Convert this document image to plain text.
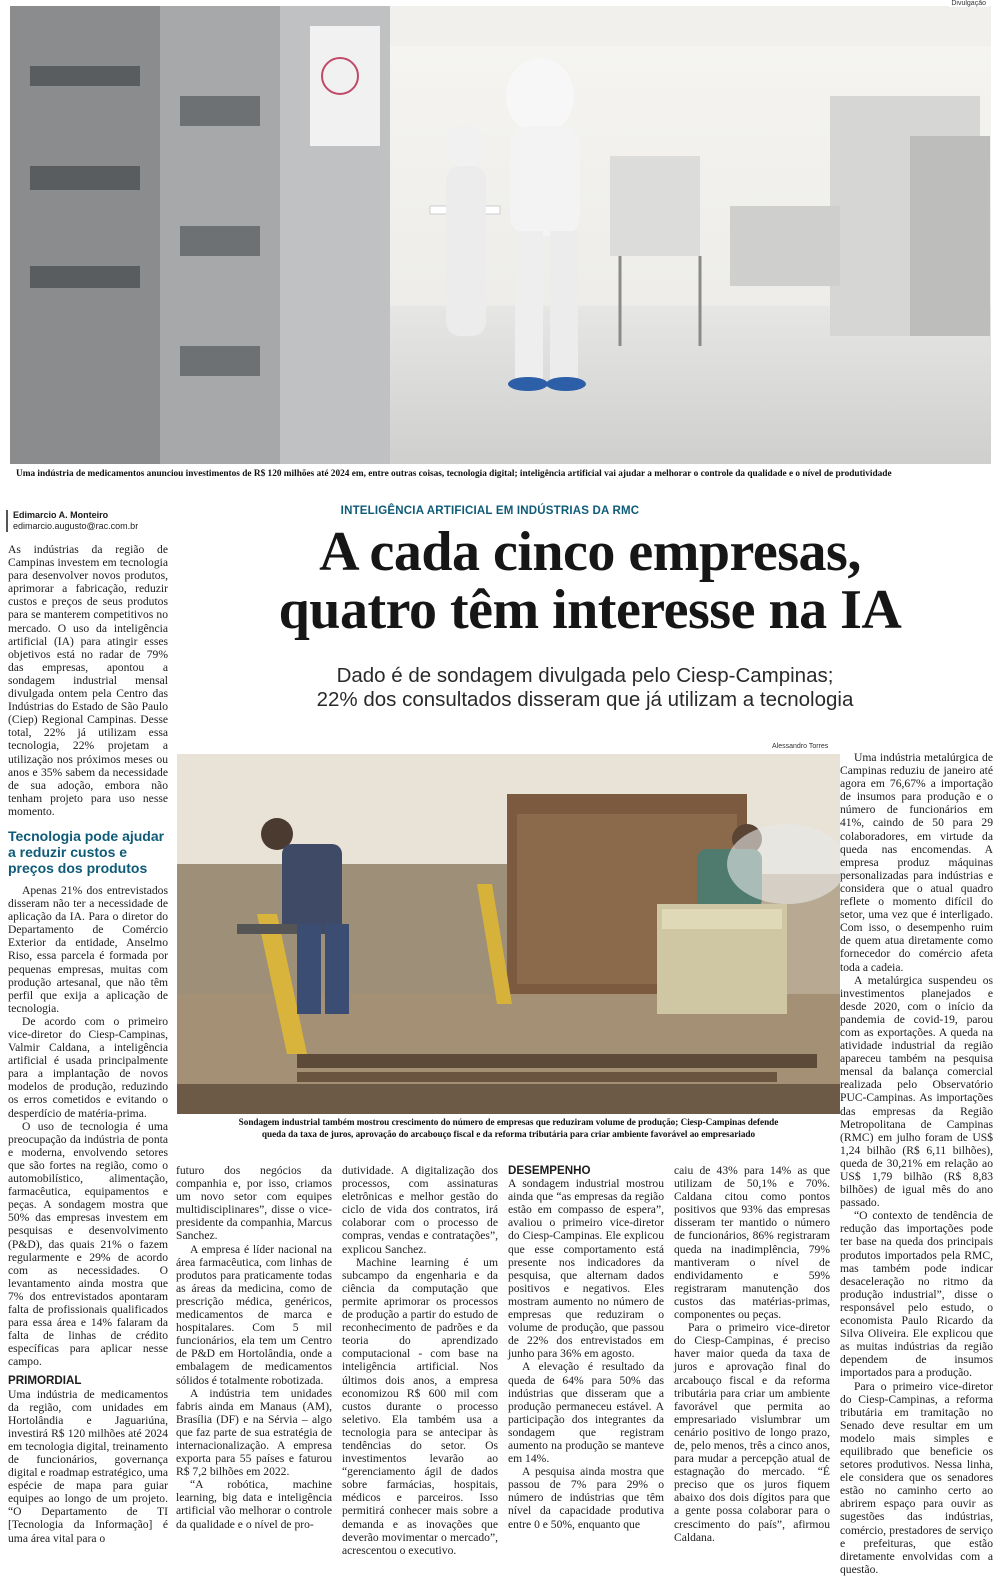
Divulgação
Uma indústria de medicamentos anunciou investimentos de R$ 120 milhões até 2024 em, entre outras coisas, tecnologia digital; inteligência artificial vai ajudar a melhorar o controle da qualidade e o nível de produtividade
Edimarcio A. Monteiro
edimarcio.augusto@rac.com.br
INTELIGÊNCIA ARTIFICIAL EM INDÚSTRIAS DA RMC
A cada cinco empresas,
quatro têm interesse na IA
Dado é de sondagem divulgada pelo Ciesp-Campinas;
22% dos consultados disseram que já utilizam a tecnologia
Alessandro Torres
Sondagem industrial também mostrou crescimento do número de empresas que reduziram volume de produção; Ciesp-Campinas defende
queda da taxa de juros, aprovação do arcabouço fiscal e da reforma tributária para criar ambiente favorável ao empresariado

As indústrias da região de Campinas investem em tecnologia para desenvolver novos produtos, aprimorar a fabricação, reduzir custos e preços de seus produtos para se manterem competitivos no mercado. O uso da inteligência artificial (IA) para atingir esses objetivos está no radar de 79% das empresas, apontou a sondagem industrial mensal divulgada ontem pela Centro das Indústrias do Estado de São Paulo (Ciep) Regional Campinas. Desse total, 22% já utilizam essa tecnologia, 22% projetam a utilização nos próximos meses ou anos e 35% sabem da necessidade de sua adoção, embora não tenham projeto para uso nesse momento.

Tecnologia pode ajudar a reduzir custos e preços dos produtos

Apenas 21% dos entrevistados disseram não ter a necessidade de aplicação da IA. Para o diretor do Departamento de Comércio Exterior da entidade, Anselmo Riso, essa parcela é formada por pequenas empresas, muitas com produção artesanal, que não têm perfil que exija a aplicação de tecnologia.

De acordo com o primeiro vice-diretor do Ciesp-Campinas, Valmir Caldana, a inteligência artificial é usada principalmente para a implantação de novos modelos de produção, reduzindo os erros cometidos e evitando o desperdício de matéria-prima.

O uso de tecnologia é uma preocupação da indústria de ponta e moderna, envolvendo setores que são fortes na região, como o automobilístico, alimentação, farmacêutica, equipamentos e peças. A sondagem mostra que 50% das empresas investem em pesquisas e desenvolvimento (P&D), das quais 21% o fazem regularmente e 29% de acordo com as necessidades. O levantamento ainda mostra que 7% dos entrevistados apontaram falta de profissionais qualificados para essa área e 14% falaram da falta de linhas de crédito específicas para aplicar nesse campo.

PRIMORDIAL

Uma indústria de medicamentos da região, com unidades em Hortolândia e Jaguariúna, investirá R$ 120 milhões até 2024 em tecnologia digital, treinamento de funcionários, governança digital e roadmap estratégico, uma espécie de mapa para guiar equipes ao longo de um projeto. “O Departamento de TI [Tecnologia da Informação] é uma área vital para o

futuro dos negócios da companhia e, por isso, criamos um novo setor com equipes multidisciplinares”, disse o vice-presidente da companhia, Marcus Sanchez.

A empresa é líder nacional na área farmacêutica, com linhas de produtos para praticamente todas as áreas da medicina, como de prescrição médica, genéricos, medicamentos de marca e hospitalares. Com 5 mil funcionários, ela tem um Centro de P&D em Hortolândia, onde a embalagem de medicamentos sólidos é totalmente robotizada.

A indústria tem unidades fabris ainda em Manaus (AM), Brasília (DF) e na Sérvia – algo que faz parte de sua estratégia de internacionalização. A empresa exporta para 55 países e faturou R$ 7,2 bilhões em 2022.

“A robótica, machine learning, big data e inteligência artificial vão melhorar o controle da qualidade e o nível de pro-

dutividade. A digitalização dos processos, com assinaturas eletrônicas e melhor gestão do ciclo de vida dos contratos, irá colaborar com o processo de compras, vendas e contratações”, explicou Sanchez.

Machine learning é um subcampo da engenharia e da ciência da computação que permite aprimorar os processos de produção a partir do estudo de reconhecimento de padrões e da teoria do aprendizado computacional - com base na inteligência artificial. Nos últimos dois anos, a empresa economizou R$ 600 mil com custos durante o processo seletivo. Ela também usa a tecnologia para se antecipar às tendências do setor. Os investimentos levarão ao “gerenciamento ágil de dados sobre farmácias, hospitais, médicos e parceiros. Isso permitirá conhecer mais sobre a demanda e as inovações que deverão movimentar o mercado”, acrescentou o executivo.

DESEMPENHO

A sondagem industrial mostrou ainda que “as empresas da região estão em compasso de espera”, avaliou o primeiro vice-diretor do Ciesp-Campinas. Ele explicou que esse comportamento está presente nos indicadores da pesquisa, que alternam dados positivos e negativos. Eles mostram aumento no número de empresas que reduziram o volume de produção, que passou de 22% dos entrevistados em junho para 36% em agosto.

A elevação é resultado da queda de 64% para 50% das indústrias que disseram que a produção permaneceu estável. A participação dos integrantes da sondagem que registram aumento na produção se manteve em 14%.

A pesquisa ainda mostra que passou de 7% para 29% o número de indústrias que têm nível da capacidade produtiva entre 0 e 50%, enquanto que

caiu de 43% para 14% as que utilizam de 50,1% e 70%. Caldana citou como pontos positivos que 93% das empresas disseram ter mantido o número de funcionários, 86% registraram queda na inadimplência, 79% mantiveram o nível de endividamento e 59% registraram manutenção dos custos das matérias-primas, componentes ou peças.

Para o primeiro vice-diretor do Ciesp-Campinas, é preciso haver maior queda da taxa de juros e aprovação final do arcabouço fiscal e da reforma tributária para criar um ambiente favorável que permita ao empresariado vislumbrar um cenário positivo de longo prazo, de, pelo menos, três a cinco anos, para mudar a percepção atual de estagnação do mercado. “É preciso que os juros fiquem abaixo dos dois dígitos para que a gente possa colaborar para o crescimento do país”, afirmou Caldana.

Uma indústria metalúrgica de Campinas reduziu de janeiro até agora em 76,67% a importação de insumos para produção e o número de funcionários em 41%, caindo de 50 para 29 colaboradores, em virtude da queda nas encomendas. A empresa produz máquinas personalizadas para indústrias e considera que o atual quadro reflete o momento difícil do setor, uma vez que é interligado. Com isso, o desempenho ruim de quem atua diretamente como fornecedor do comércio afeta toda a cadeia.

A metalúrgica suspendeu os investimentos planejados e desde 2020, com o início da pandemia de covid-19, parou com as exportações. A queda na atividade industrial da região apareceu também na pesquisa mensal da balança comercial realizada pelo Observatório PUC-Campinas. As importações das empresas da Região Metropolitana de Campinas (RMC) em julho foram de US$ 1,24 bilhão (R$ 6,11 bilhões), queda de 30,21% em relação ao US$ 1,79 bilhão (R$ 8,83 bilhões) de igual mês do ano passado.

“O contexto de tendência de redução das importações pode ter base na queda dos principais produtos importados pela RMC, mas também pode indicar desaceleração no ritmo da produção industrial”, disse o responsável pelo estudo, o economista Paulo Ricardo da Silva Oliveira. Ele explicou que as muitas indústrias da região dependem de insumos importados para a produção.

Para o primeiro vice-diretor do Ciesp-Campinas, a reforma tributária em tramitação no Senado deve resultar em um modelo mais simples e equilibrado que beneficie os setores produtivos. Nessa linha, ele considera que os senadores estão no caminho certo ao abrirem espaço para ouvir as sugestões das indústrias, comércio, prestadores de serviço e prefeituras, que estão diretamente envolvidas com a questão.
